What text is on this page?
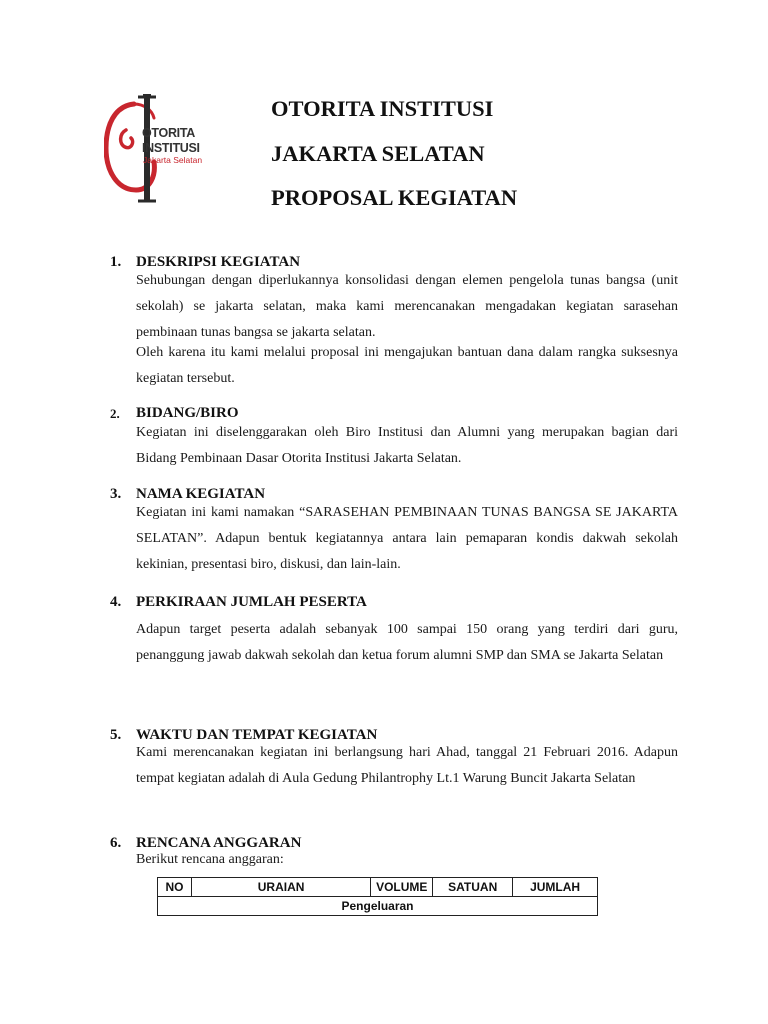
OTORITA
INSTITUSI
Jakarta Selatan
OTORITA INSTITUSI
JAKARTA SELATAN
PROPOSAL KEGIATAN
1. DESKRIPSI KEGIATAN

Sehubungan dengan diperlukannya konsolidasi dengan elemen pengelola tunas bangsa (unit sekolah) se jakarta selatan, maka kami merencanakan mengadakan kegiatan sarasehan pembinaan tunas bangsa se jakarta selatan.

Oleh karena itu kami melalui proposal ini mengajukan bantuan dana dalam rangka suksesnya kegiatan tersebut.

2. BIDANG/BIRO

Kegiatan ini diselenggarakan oleh Biro Institusi dan Alumni yang merupakan bagian dari Bidang Pembinaan Dasar Otorita Institusi Jakarta Selatan.

3. NAMA KEGIATAN

Kegiatan ini kami namakan “SARASEHAN PEMBINAAN TUNAS BANGSA SE JAKARTA SELATAN”. Adapun bentuk kegiatannya antara lain pemaparan kondis dakwah sekolah kekinian, presentasi biro, diskusi, dan lain-lain.

4. PERKIRAAN JUMLAH PESERTA

Adapun target peserta adalah sebanyak 100 sampai 150 orang yang terdiri dari guru, penanggung jawab dakwah sekolah dan ketua forum alumni SMP dan SMA se Jakarta Selatan

5. WAKTU DAN TEMPAT KEGIATAN

Kami merencanakan kegiatan ini berlangsung hari Ahad, tanggal 21 Februari 2016. Adapun tempat kegiatan adalah di Aula Gedung Philantrophy Lt.1 Warung Buncit Jakarta Selatan

6. RENCANA ANGGARAN
Berikut rencana anggaran:
NO	URAIAN	VOLUME	SATUAN	JUMLAH
Pengeluaran
